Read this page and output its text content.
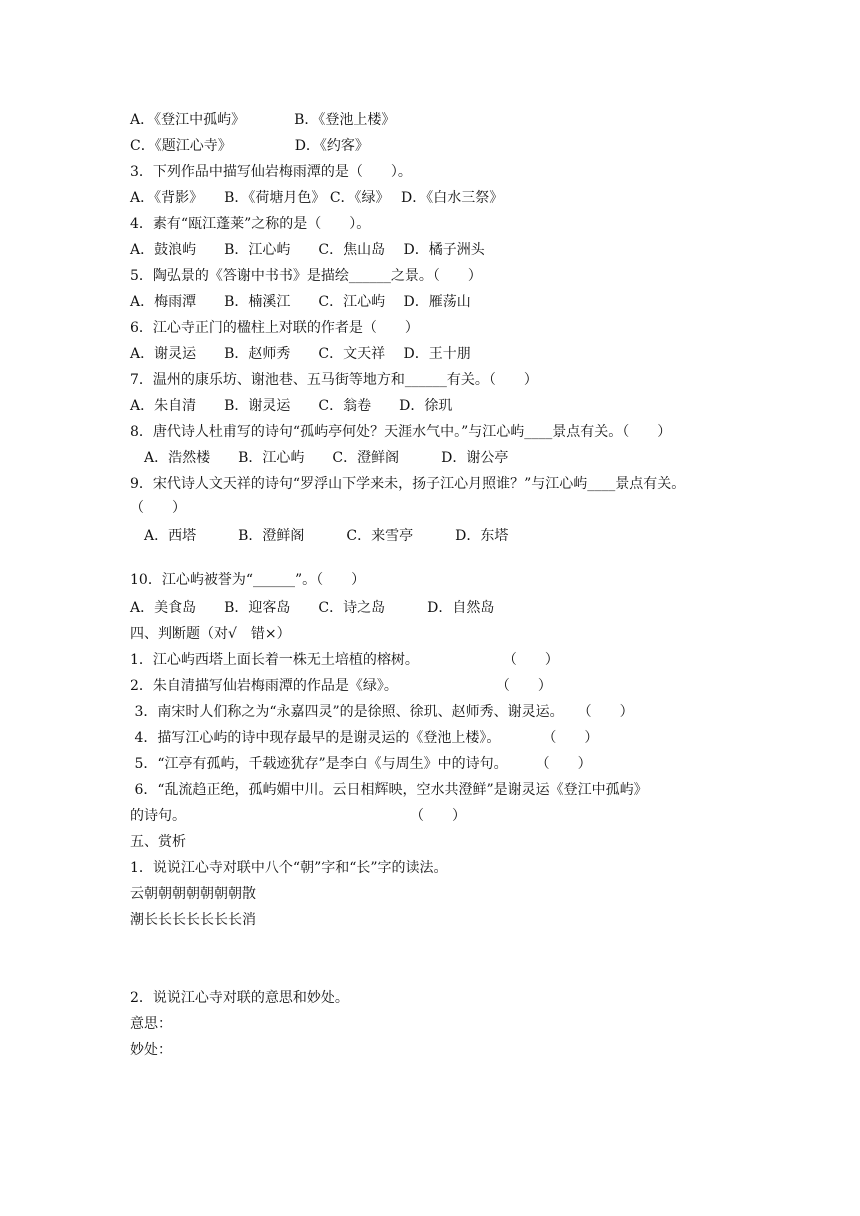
A．《登江中孤屿》　　　　B．《登池上楼》
C．《题江心寺》　　　　　D．《约客》
3．下列作品中描写仙岩梅雨潭的是（　　）。
A．《背影》　　B．《荷塘月色》 C．《绿》　 D．《白水三祭》
4．素有“瓯江蓬莱”之称的是（　　）。
A．鼓浪屿　　B．江心屿　　C．焦山岛　 D．橘子洲头
5．陶弘景的《答谢中书书》是描绘______之景。（　　）
A．梅雨潭　　B．楠溪江　　C．江心屿　 D．雁荡山
6．江心寺正门的楹柱上对联的作者是（　　）
A．谢灵运　　B．赵师秀　　C．文天祥　 D．王十朋
7．温州的康乐坊、谢池巷、五马街等地方和______有关。（　　）
A．朱自清　　B．谢灵运　　C．翁卷　　D．徐玑
8．唐代诗人杜甫写的诗句“孤屿亭何处？天涯水气中。”与江心屿____景点有关。（　　）
　A．浩然楼　　B．江心屿　　C．澄鲜阁　　　D．谢公亭
9．宋代诗人文天祥的诗句“罗浮山下学来未，扬子江心月照谁？”与江心屿____景点有关。
（　　）
　A．西塔　　　B．澄鲜阁　　　C．来雪亭　　　D．东塔
10．江心屿被誉为“______”。（　　）
A．美食岛　　B．迎客岛　　C．诗之岛　　　D．自然岛
四、判断题（对√　错×）
1．江心屿西塔上面长着一株无土培植的榕树。　　　　　　　（　　）
2．朱自清描写仙岩梅雨潭的作品是《绿》。　　　　　　　　（　　）
3．南宋时人们称之为“永嘉四灵”的是徐照、徐玑、赵师秀、谢灵运。　　（　　）
4．描写江心屿的诗中现存最早的是谢灵运的《登池上楼》。　　　　（　　）
5．“江亭有孤屿，千载迹犹存”是李白《与周生》中的诗句。　　　（　　）
6．“乱流趋正绝，孤屿媚中川。云日相辉映，空水共澄鲜”是谢灵运《登江中孤屿》
的诗句。　　　　　　　　　　　　　　　　　（　　）
五、赏析
1．说说江心寺对联中八个“朝”字和“长”字的读法。
云朝朝朝朝朝朝朝散
潮长长长长长长长消
2．说说江心寺对联的意思和妙处。
意思：
妙处：
